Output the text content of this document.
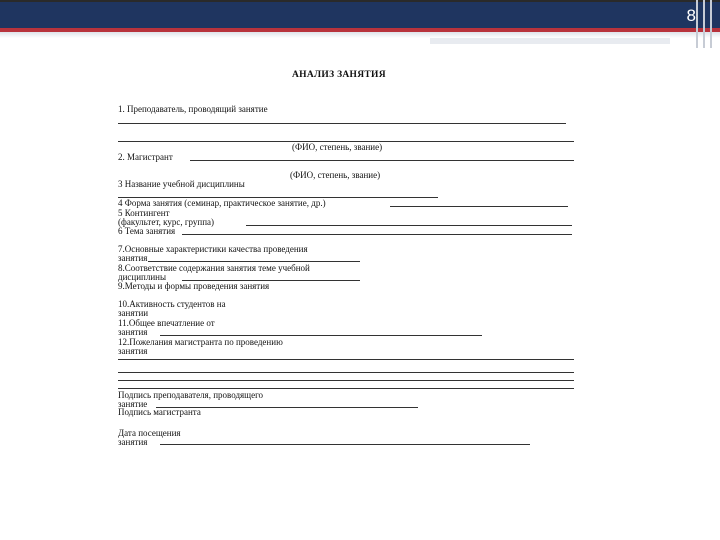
8
АНАЛИЗ ЗАНЯТИЯ
1. Преподаватель, проводящий занятие
(ФИО, степень, звание)
2. Магистрант
(ФИО, степень, звание)
3 Название учебной дисциплины
4 Форма занятия (семинар, практическое занятие, др.)
5 Контингент
(факультет, курс, группа)
6 Тема занятия
7.Основные характеристики качества проведения
занятия
8.Соответствие содержания занятия теме учебной
дисциплины
9.Методы и формы проведения занятия
10.Активность студентов на
занятии
11.Общее впечатление от
занятия
12.Пожелания магистранта по проведению
занятия
Подпись преподавателя, проводящего
занятие
Подпись магистранта
Дата посещения
занятия
